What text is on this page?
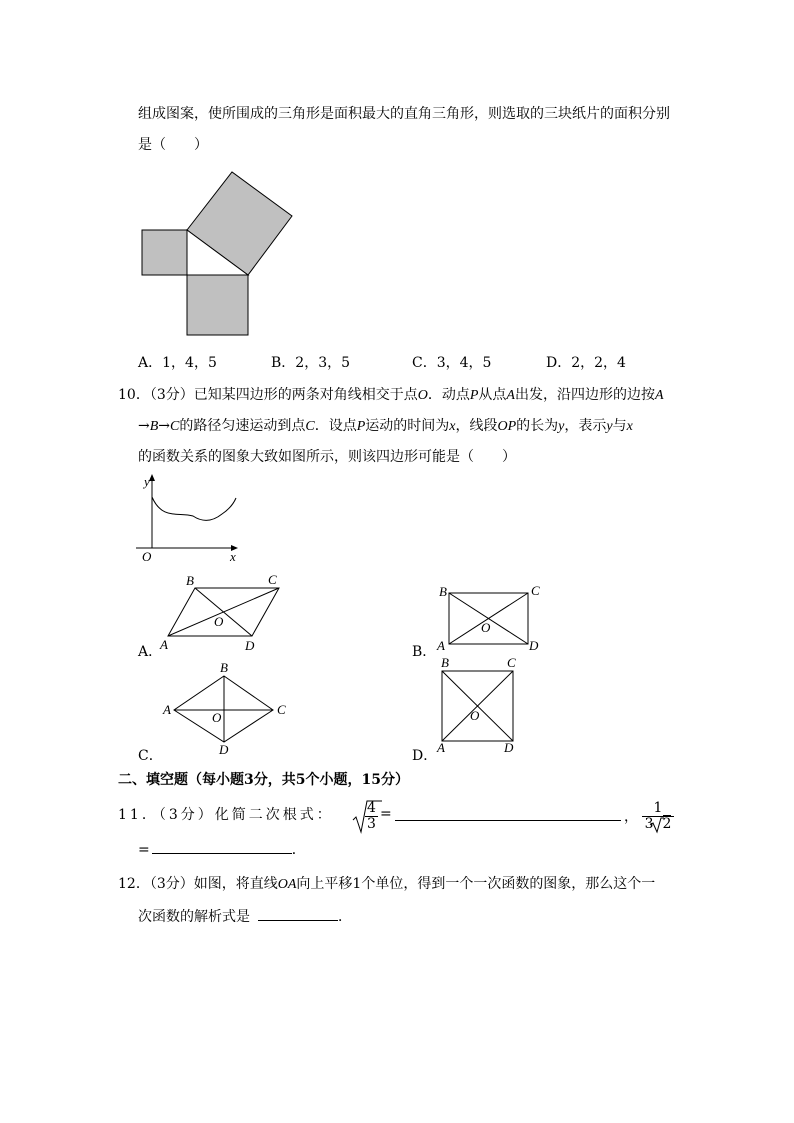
组成图案，使所围成的三角形是面积最大的直角三角形，则选取的三块纸片的面积分别
是（　　）
A．1，4，5	B．2，3，5	C．3，4，5	D．2，2，4
10．（3分）已知某四边形的两条对角线相交于点O．动点P从点A出发，沿四边形的边按A
→B→C的路径匀速运动到点C．设点P运动的时间为x，线段OP的长为y，表示y与x
的函数关系的图象大致如图所示，则该四边形可能是（　　）
y
x
O
B	C
O
A	D
A．
B	C
O
A	D
B．
B
A	C
O
D
C．
B	C
O
A	D
D．
二、填空题（每小题3分，共5个小题，15分）
11．（3分）化简二次根式： $\frac{4}{3}$ =	， $\frac{1}{3 2}$
=	．
12．（3分）如图，将直线OA向上平移1个单位，得到一个一次函数的图象，那么这个一
次函数的解析式是	．
